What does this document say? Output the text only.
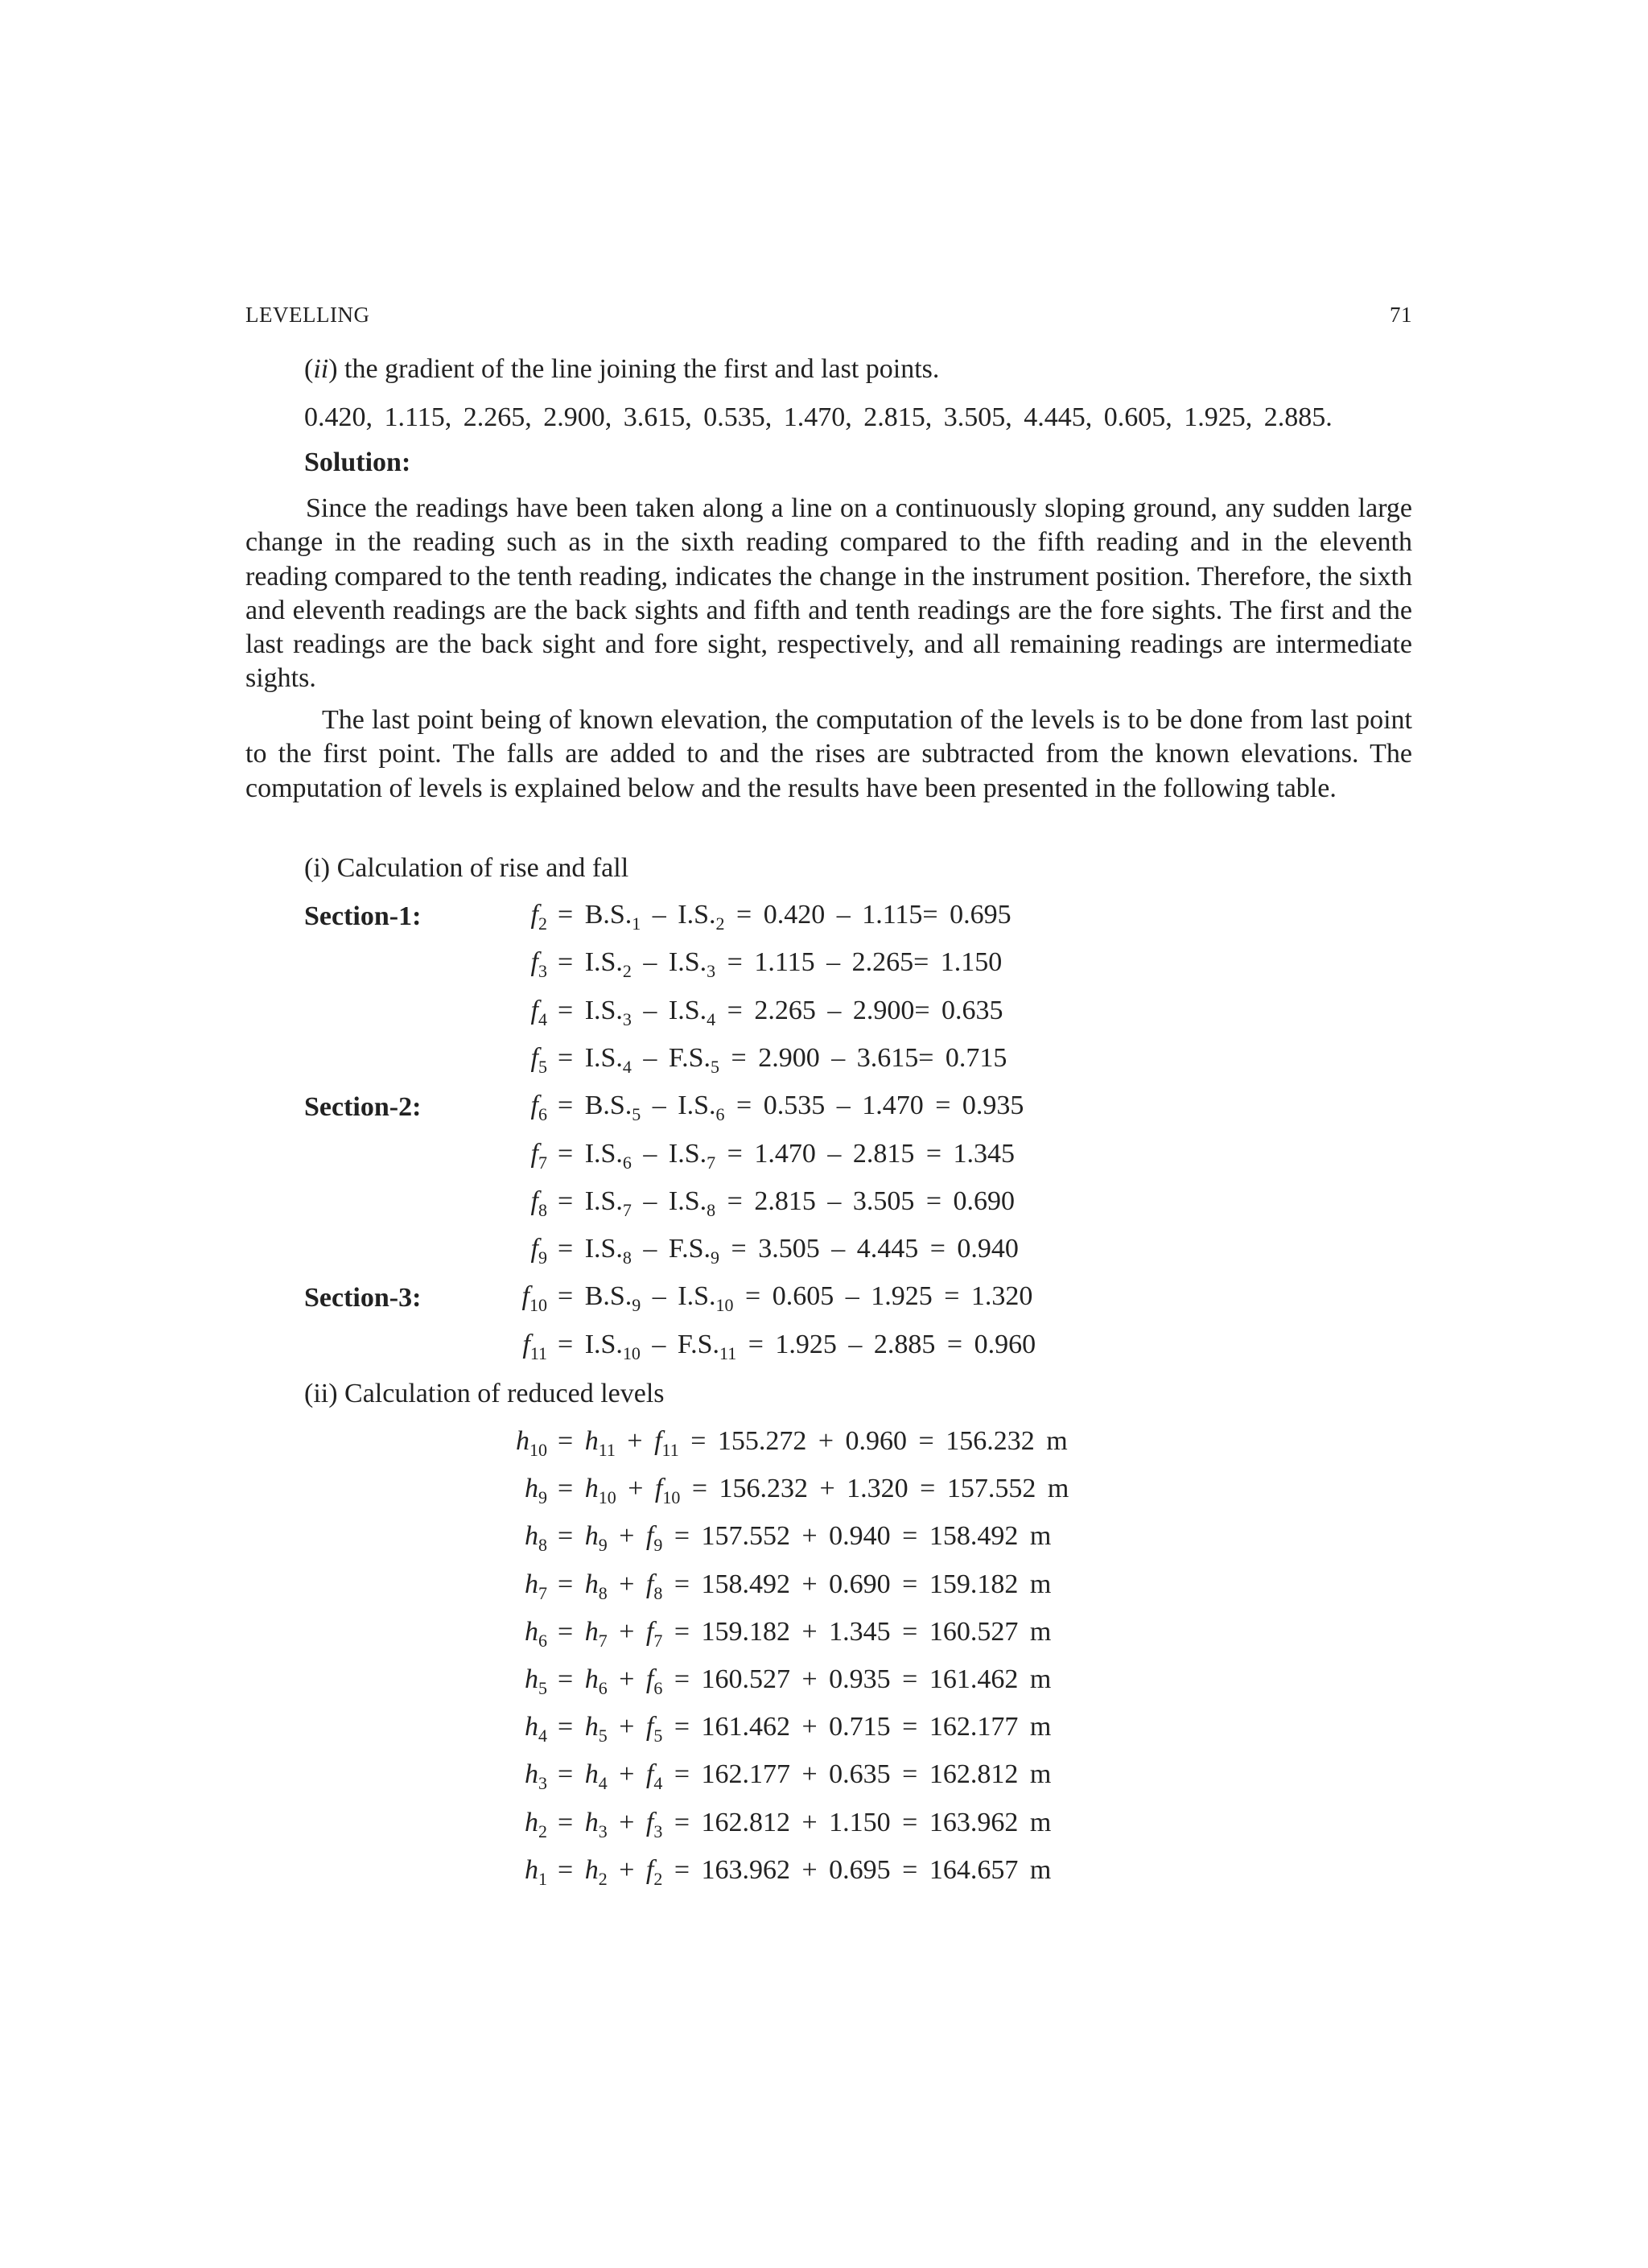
LEVELLING	71
(ii) the gradient of the line joining the first and last points.
0.420, 1.115, 2.265, 2.900, 3.615, 0.535, 1.470, 2.815, 3.505, 4.445, 0.605, 1.925, 2.885.
Solution:
Since the readings have been taken along a line on a continuously sloping ground, any sudden large change in the reading such as in the sixth reading compared to the fifth reading and in the eleventh reading compared to the tenth reading, indicates the change in the instrument position. Therefore, the sixth and eleventh readings are the back sights and fifth and tenth readings are the fore sights. The first and the last readings are the back sight and fore sight, respectively, and all remaining readings are intermediate sights.
The last point being of known elevation, the computation of the levels is to be done from last point to the first point. The falls are added to and the rises are subtracted from the known elevations. The computation of levels is explained below and the results have been presented in the following table.
(i) Calculation of rise and fall
Section-1:
Section-2:
Section-3:
$f_2 = B.S._1 - I.S._2 = 0.420 - 1.115= 0.695$
$f_3 = I.S._2 - I.S._3 = 1.115 - 2.265= 1.150$
$f_4 = I.S._3 - I.S._4 = 2.265 - 2.900= 0.635$
$f_5 = I.S._4 - F.S._5 = 2.900 - 3.615= 0.715$
$f_6 = B.S._5 - I.S._6 = 0.535 - 1.470 = 0.935$
$f_7 = I.S._6 - I.S._7 = 1.470 - 2.815 = 1.345$
$f_8 = I.S._7 - I.S._8 = 2.815 - 3.505 = 0.690$
$f_9 = I.S._8 - F.S._9 = 3.505 - 4.445 = 0.940$
$f_{10} = B.S._9 - I.S._{10} = 0.605 - 1.925 = 1.320$
$f_{11} = I.S._{10} - F.S._{11} = 1.925 - 2.885 = 0.960$
(ii) Calculation of reduced levels
$h_{10} = h_{11} + f_{11} = 155.272 + 0.960 = 156.232$ m
$h_9 = h_{10} + f_{10} = 156.232 + 1.320 = 157.552$ m
$h_8 = h_9 + f_9 = 157.552 + 0.940 = 158.492$ m
$h_7 = h_8 + f_8 = 158.492 + 0.690 = 159.182$ m
$h_6 = h_7 + f_7 = 159.182 + 1.345 = 160.527$ m
$h_5 = h_6 + f_6 = 160.527 + 0.935 = 161.462$ m
$h_4 = h_5 + f_5 = 161.462 + 0.715 = 162.177$ m
$h_3 = h_4 + f_4 = 162.177 + 0.635 = 162.812$ m
$h_2 = h_3 + f_3 = 162.812 + 1.150 = 163.962$ m
$h_1 = h_2 + f_2 = 163.962 + 0.695 = 164.657$ m
